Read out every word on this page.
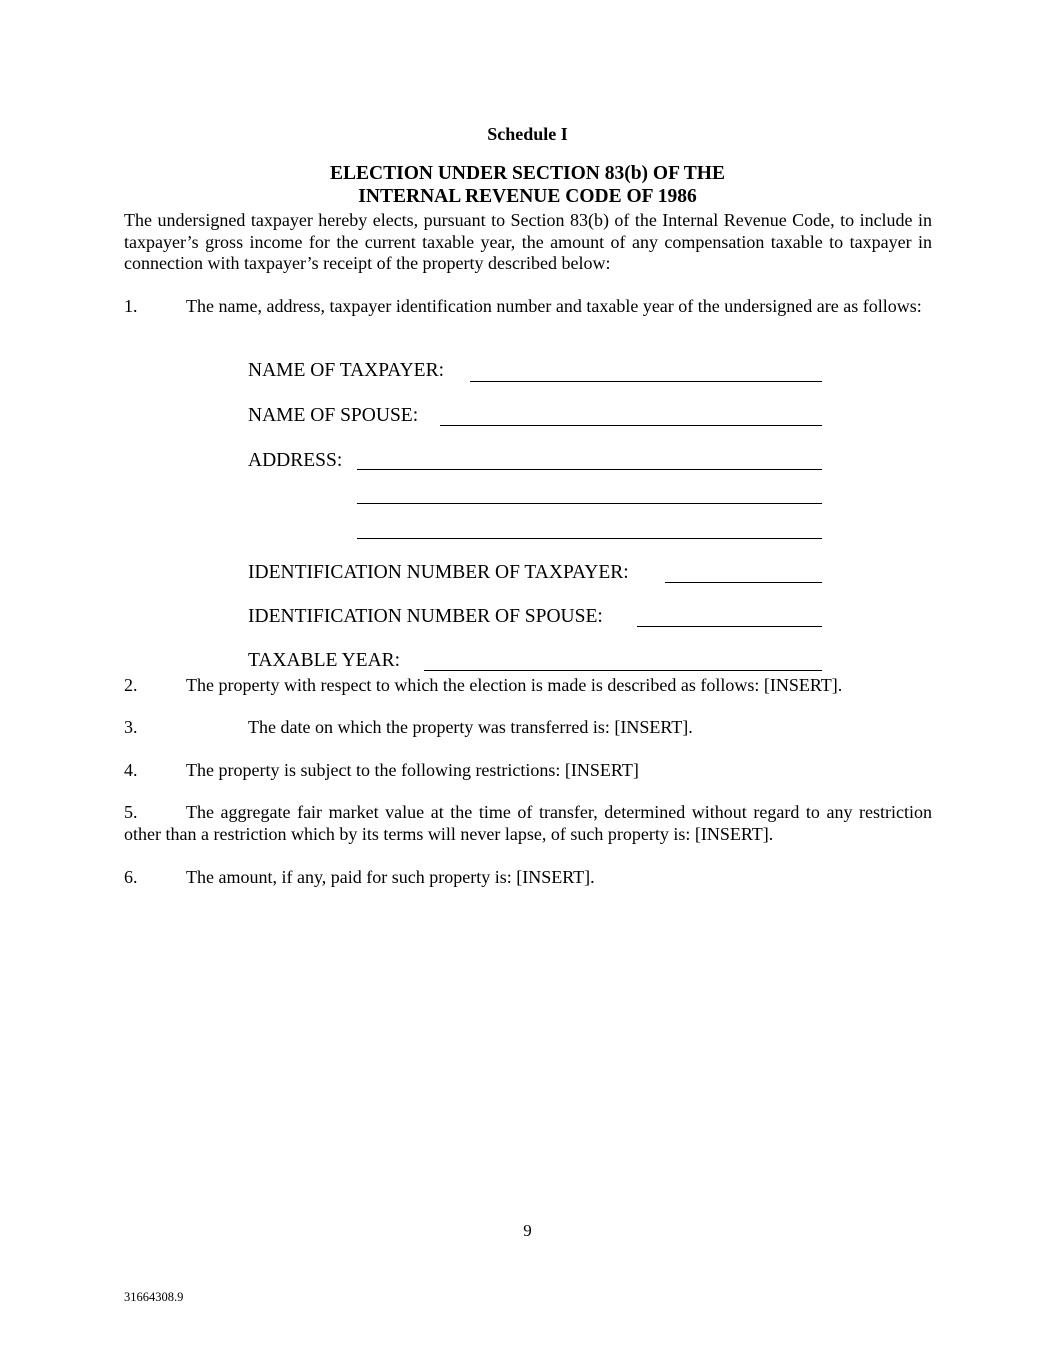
Schedule I
ELECTION UNDER SECTION 83(b) OF THE
INTERNAL REVENUE CODE OF 1986
The undersigned taxpayer hereby elects, pursuant to Section 83(b) of the Internal Revenue Code, to include in taxpayer’s gross income for the current taxable year, the amount of any compensation taxable to taxpayer in connection with taxpayer’s receipt of the property described below:
1.	The name, address, taxpayer identification number and taxable year of the undersigned are as follows:
NAME OF TAXPAYER:
NAME OF SPOUSE:
ADDRESS:
IDENTIFICATION NUMBER OF TAXPAYER:
IDENTIFICATION NUMBER OF SPOUSE:
TAXABLE YEAR:
2.	The property with respect to which the election is made is described as follows: [INSERT].
3.	The date on which the property was transferred is: [INSERT].
4.	The property is subject to the following restrictions: [INSERT]
5.	The aggregate fair market value at the time of transfer, determined without regard to any restriction other than a restriction which by its terms will never lapse, of such property is: [INSERT].
6.	The amount, if any, paid for such property is: [INSERT].
9
31664308.9
